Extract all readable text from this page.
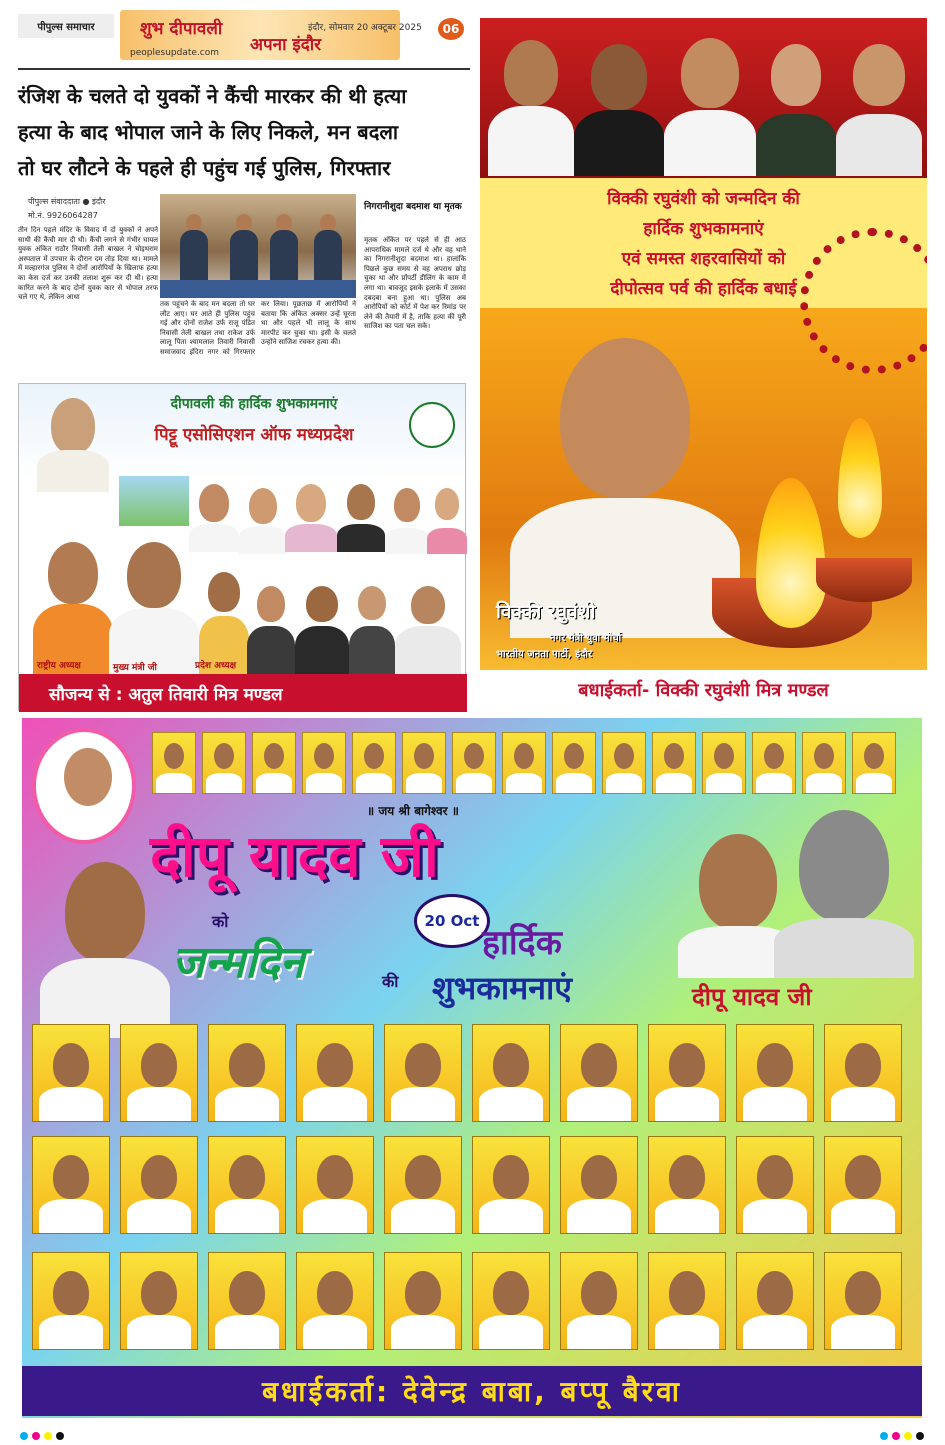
पीपुल्स समाचार	शुभ दीपावली
अपना इंदौर
peoplesupdate.com
इंदौर, सोमवार 20 अक्टूबर 2025	06
रंजिश के चलते दो युवकों ने कैंची मारकर की थी हत्या
हत्या के बाद भोपाल जाने के लिए निकले, मन बदला
तो घर लौटने के पहले ही पहुंच गई पुलिस, गिरफ्तार
पीपुल्स संवाददाता ● इंदौर
मो.नं. 9926064287
तीन दिन पहले मंदिर के विवाद में दो युवकों ने अपने साथी की कैंची मार दी थी। कैंची लगने से गंभीर घायल युवक अंकित राठौर निवासी तेली बाखल ने चोइथराम अस्पताल में उपचार के दौरान दम तोड़ दिया था। मामले में मल्हारगंज पुलिस ने दोनों आरोपियों के खिलाफ हत्या का केस दर्ज कर उनकी तलाश शुरू कर दी थी। हत्या कारित करने के बाद दोनों युवक कार से भोपाल तरफ चले गए थे, लेकिन आधा
तक पहुंचने के बाद मन बदला तो घर लौट आए। घर आते ही पुलिस पहुंच गई और दोनों राजेश उर्फ राजू पंडित निवासी तेली बाखल तथा राकेश उर्फ लालू पिता श्यामलाल तिवारी निवासी समाजवाद इंदिरा नगर को गिरफ्तार कर लिया। पूछताछ में आरोपियों ने बताया कि अंकित अक्सर उन्हें घूरता था और पहले भी लालू के साथ मारपीट कर चुका था। इसी के चलते उन्होंने साजिश रचकर हत्या की।
निगरानीशुदा बदमाश था मृतक
मृतक अंकित पर पहले से ही आठ आपराधिक मामले दर्ज थे और वह थाने का निगरानीशुदा बदमाश था। हालांकि पिछले कुछ समय से वह अपराध छोड़ चुका था और प्रॉपर्टी डीलिंग के काम में लगा था। बावजूद इसके इलाके में उसका दबदबा बना हुआ था। पुलिस अब आरोपियों को कोर्ट में पेश कर रिमांड पर लेने की तैयारी में है, ताकि हत्या की पूरी साजिश का पता चल सके।
दीपावली की हार्दिक शुभकामनाएं
पिट्टू एसोसिएशन ऑफ मध्यप्रदेश
राष्ट्रीय अध्यक्ष	मुख्य मंत्री जी	प्रदेश अध्यक्ष
सौजन्य से : अतुल तिवारी मित्र मण्डल
विक्की रघुवंशी को जन्मदिन की
हार्दिक शुभकामनाएं
एवं समस्त शहरवासियों को
दीपोत्सव पर्व की हार्दिक बधाई
विक्की रघुवंशी
नगर मंत्री युवा मोर्चा
भारतीय जनता पार्टी, इंदौर
बधाईकर्ता- विक्की रघुवंशी मित्र मण्डल
॥ जय श्री बागेश्वर ॥
दीपू यादव जी
को
जन्मदिन	की
20 Oct
हार्दिक
शुभकामनाएं	दीपू यादव जी
बधाईकर्ता: देवेन्द्र बाबा, बप्पू बैरवा
